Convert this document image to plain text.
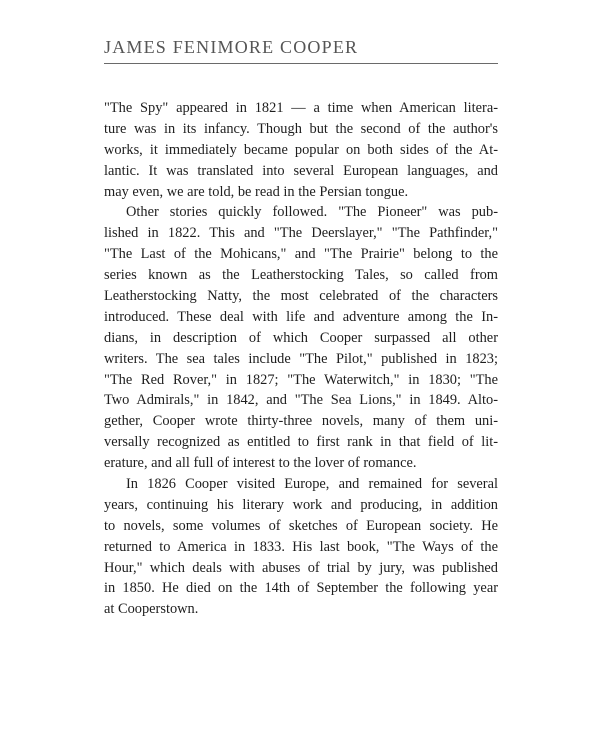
JAMES FENIMORE COOPER
"The Spy" appeared in 1821 — a time when American litera-
ture was in its infancy. Though but the second of the author's
works, it immediately became popular on both sides of the At-
lantic. It was translated into several European languages, and
may even, we are told, be read in the Persian tongue.
Other stories quickly followed. "The Pioneer" was pub-
lished in 1822. This and "The Deerslayer," "The Pathfinder,"
"The Last of the Mohicans," and "The Prairie" belong to the
series known as the Leatherstocking Tales, so called from
Leatherstocking Natty, the most celebrated of the characters
introduced. These deal with life and adventure among the In-
dians, in description of which Cooper surpassed all other
writers. The sea tales include "The Pilot," published in 1823;
"The Red Rover," in 1827; "The Waterwitch," in 1830; "The
Two Admirals," in 1842, and "The Sea Lions," in 1849. Alto-
gether, Cooper wrote thirty-three novels, many of them uni-
versally recognized as entitled to first rank in that field of lit-
erature, and all full of interest to the lover of romance.
In 1826 Cooper visited Europe, and remained for several
years, continuing his literary work and producing, in addition
to novels, some volumes of sketches of European society. He
returned to America in 1833. His last book, "The Ways of the
Hour," which deals with abuses of trial by jury, was published
in 1850. He died on the 14th of September the following year
at Cooperstown.
